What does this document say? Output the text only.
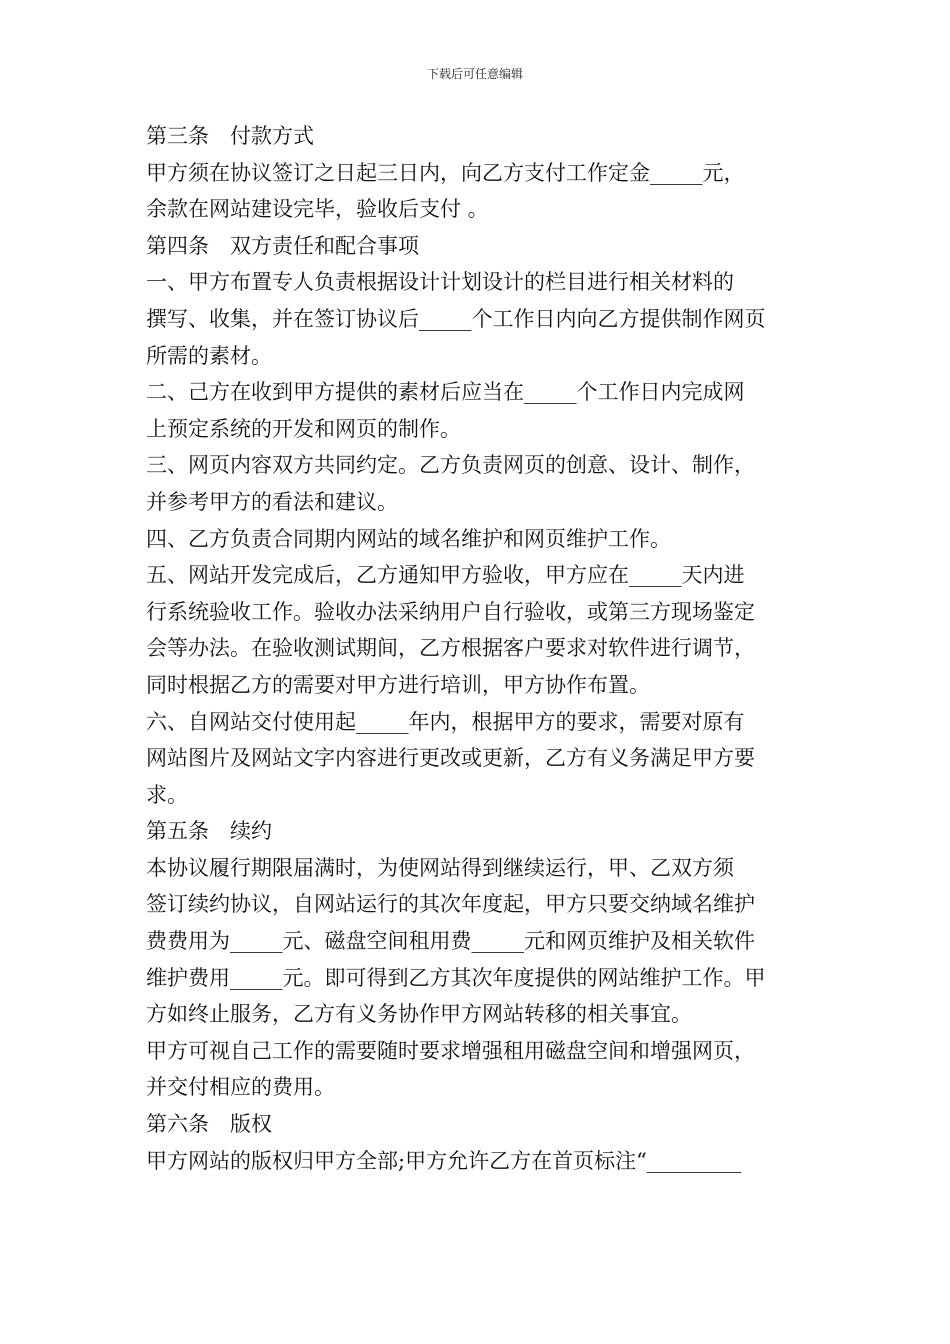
下载后可任意编辑
第三条　付款方式
甲方须在协议签订之日起三日内，向乙方支付工作定金_____元，
余款在网站建设完毕，验收后支付 。
第四条　双方责任和配合事项
一、甲方布置专人负责根据设计计划设计的栏目进行相关材料的
撰写、收集，并在签订协议后_____个工作日内向乙方提供制作网页
所需的素材。
二、己方在收到甲方提供的素材后应当在_____个工作日内完成网
上预定系统的开发和网页的制作。
三、网页内容双方共同约定。乙方负责网页的创意、设计、制作，
并参考甲方的看法和建议。
四、乙方负责合同期内网站的域名维护和网页维护工作。
五、网站开发完成后，乙方通知甲方验收，甲方应在_____天内进
行系统验收工作。验收办法采纳用户自行验收，或第三方现场鉴定
会等办法。在验收测试期间，乙方根据客户要求对软件进行调节，
同时根据乙方的需要对甲方进行培训，甲方协作布置。
六、自网站交付使用起_____年内，根据甲方的要求，需要对原有
网站图片及网站文字内容进行更改或更新，乙方有义务满足甲方要
求。
第五条　续约
本协议履行期限届满时，为使网站得到继续运行，甲、乙双方须
签订续约协议，自网站运行的其次年度起，甲方只要交纳域名维护
费费用为_____元、磁盘空间租用费_____元和网页维护及相关软件
维护费用_____元。即可得到乙方其次年度提供的网站维护工作。甲
方如终止服务，乙方有义务协作甲方网站转移的相关事宜。
甲方可视自己工作的需要随时要求增强租用磁盘空间和增强网页，
并交付相应的费用。
第六条　版权
甲方网站的版权归甲方全部;甲方允许乙方在首页标注“_________
